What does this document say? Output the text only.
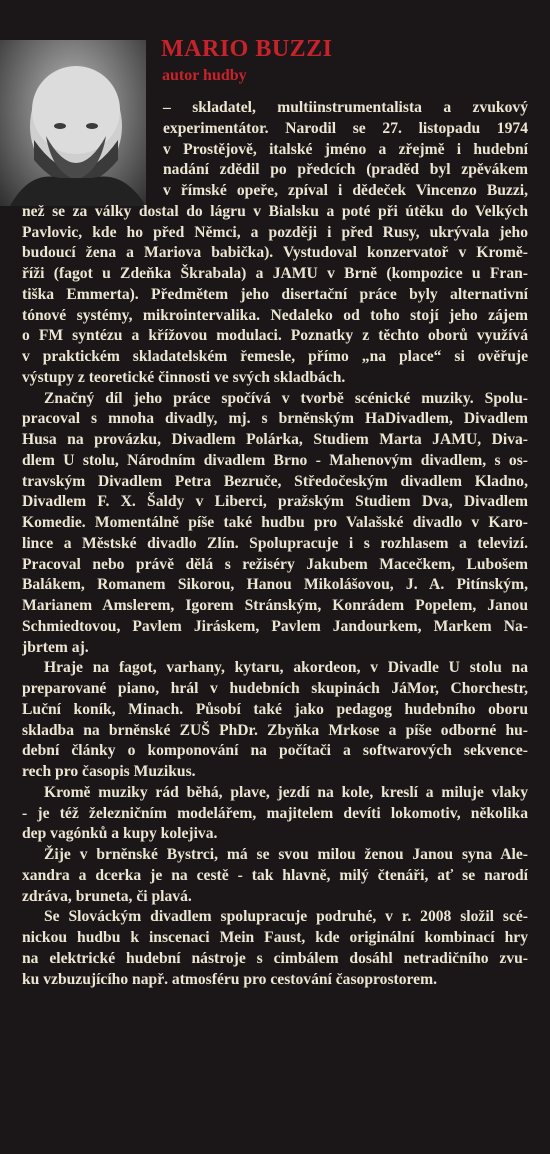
MARIO BUZZI
autor hudby
– skladatel, multiinstrumentalista a zvukový
experimentátor. Narodil se 27. listopadu 1974
v Prostějově, italské jméno a zřejmě i hudební
nadání zdědil po předcích (praděd byl zpěvákem
v římské opeře, zpíval i dědeček Vincenzo Buzzi,
než se za války dostal do lágru v Bialsku a poté při útěku do Velkých
Pavlovic, kde ho před Němci, a později i před Rusy, ukrývala jeho
budoucí žena a Mariova babička). Vystudoval konzervatoř v Kromě-
říži (fagot u Zdeňka Škrabala) a JAMU v Brně (kompozice u Fran-
tiška Emmerta). Předmětem jeho disertační práce byly alternativní
tónové systémy, mikrointervalika. Nedaleko od toho stojí jeho zájem
o FM syntézu a křížovou modulaci. Poznatky z těchto oborů využívá
v praktickém skladatelském řemesle, přímo „na place“ si ověřuje
výstupy z teoretické činnosti ve svých skladbách.
Značný díl jeho práce spočívá v tvorbě scénické muziky. Spolu-
pracoval s mnoha divadly, mj. s brněnským HaDivadlem, Divadlem
Husa na provázku, Divadlem Polárka, Studiem Marta JAMU, Diva-
dlem U stolu, Národním divadlem Brno - Mahenovým divadlem, s os-
travským Divadlem Petra Bezruče, Středočeským divadlem Kladno,
Divadlem F. X. Šaldy v Liberci, pražským Studiem Dva, Divadlem
Komedie. Momentálně píše také hudbu pro Valašské divadlo v Karo-
lince a Městské divadlo Zlín. Spolupracuje i s rozhlasem a televizí.
Pracoval nebo právě dělá s režiséry Jakubem Macečkem, Lubošem
Balákem, Romanem Sikorou, Hanou Mikolášovou, J. A. Pitínským,
Marianem Amslerem, Igorem Stránským, Konrádem Popelem, Janou
Schmiedtovou, Pavlem Jiráskem, Pavlem Jandourkem, Markem Na-
jbrtem aj.
Hraje na fagot, varhany, kytaru, akordeon, v Divadle U stolu na
preparované piano, hrál v hudebních skupinách JáMor, Chorchestr,
Luční koník, Minach. Působí také jako pedagog hudebního oboru
skladba na brněnské ZUŠ PhDr. Zbyňka Mrkose a píše odborné hu-
dební články o komponování na počítači a softwarových sekvence-
rech pro časopis Muzikus.
Kromě muziky rád běhá, plave, jezdí na kole, kreslí a miluje vlaky
- je též železničním modelářem, majitelem devíti lokomotiv, několika
dep vagónků a kupy kolejiva.
Žije v brněnské Bystrci, má se svou milou ženou Janou syna Ale-
xandra a dcerka je na cestě - tak hlavně, milý čtenáři, ať se narodí
zdráva, bruneta, či plavá.
Se Slováckým divadlem spolupracuje podruhé, v r. 2008 složil scé-
nickou hudbu k inscenaci Mein Faust, kde originální kombinací hry
na elektrické hudební nástroje s cimbálem dosáhl netradičního zvu-
ku vzbuzujícího např. atmosféru pro cestování časoprostorem.
